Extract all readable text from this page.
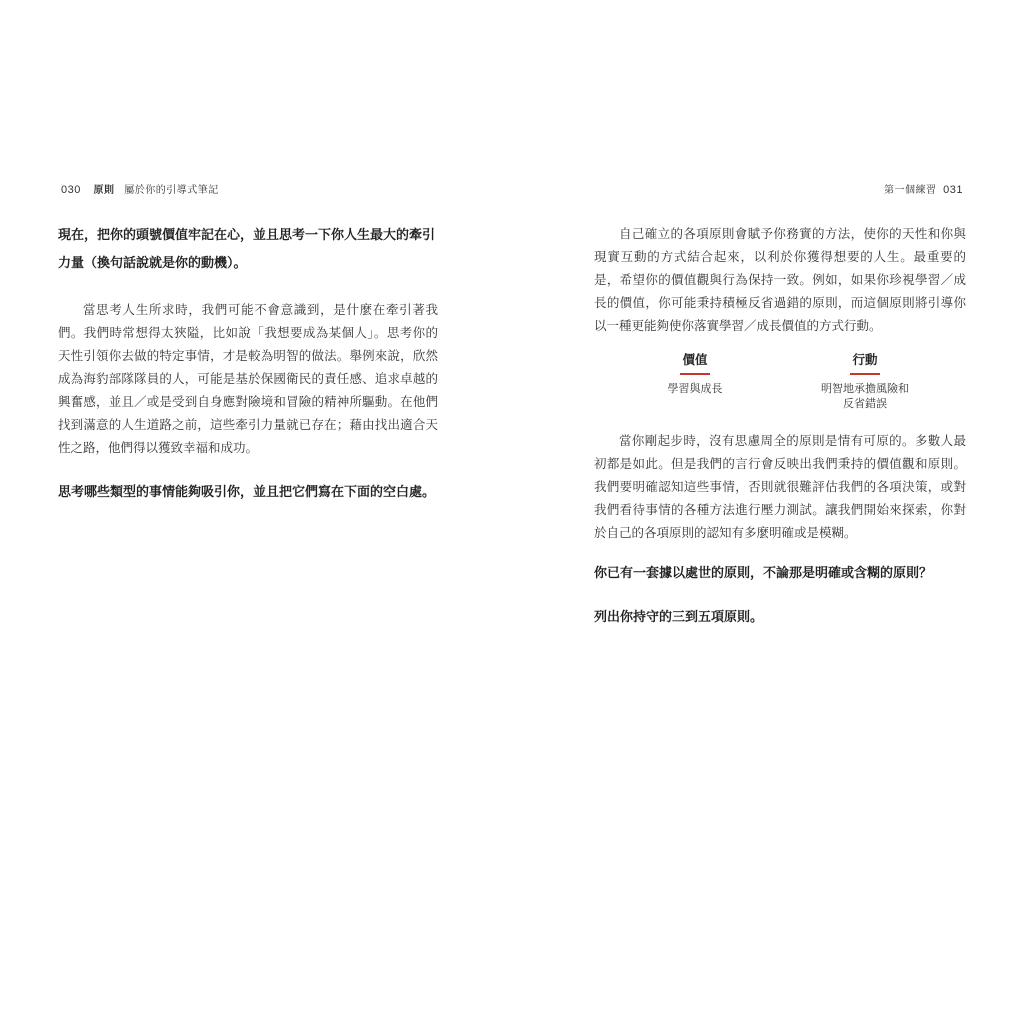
030 原則 屬於你的引導式筆記

現在，把你的頭號價值牢記在心，並且思考一下你人生最大的牽引力量（換句話說就是你的動機）。

當思考人生所求時，我們可能不會意識到，是什麼在牽引著我們。我們時常想得太狹隘，比如說「我想要成為某個人」。思考你的天性引領你去做的特定事情，才是較為明智的做法。舉例來說，欣然成為海豹部隊隊員的人，可能是基於保國衛民的責任感、追求卓越的興奮感，並且／或是受到自身應對險境和冒險的精神所驅動。在他們找到滿意的人生道路之前，這些牽引力量就已存在；藉由找出適合天性之路，他們得以獲致幸福和成功。

思考哪些類型的事情能夠吸引你，並且把它們寫在下面的空白處。

第一個練習 031

自己確立的各項原則會賦予你務實的方法，使你的天性和你與現實互動的方式結合起來，以利於你獲得想要的人生。最重要的是，希望你的價值觀與行為保持一致。例如，如果你珍視學習／成長的價值，你可能秉持積極反省過錯的原則，而這個原則將引導你以一種更能夠使你落實學習／成長價值的方式行動。

價值
學習與成長
行動
明智地承擔風險和
反省錯誤

當你剛起步時，沒有思慮周全的原則是情有可原的。多數人最初都是如此。但是我們的言行會反映出我們秉持的價值觀和原則。我們要明確認知這些事情，否則就很難評估我們的各項決策，或對我們看待事情的各種方法進行壓力測試。讓我們開始來探索，你對於自己的各項原則的認知有多麼明確或是模糊。

你已有一套據以處世的原則，不論那是明確或含糊的原則？

列出你持守的三到五項原則。
